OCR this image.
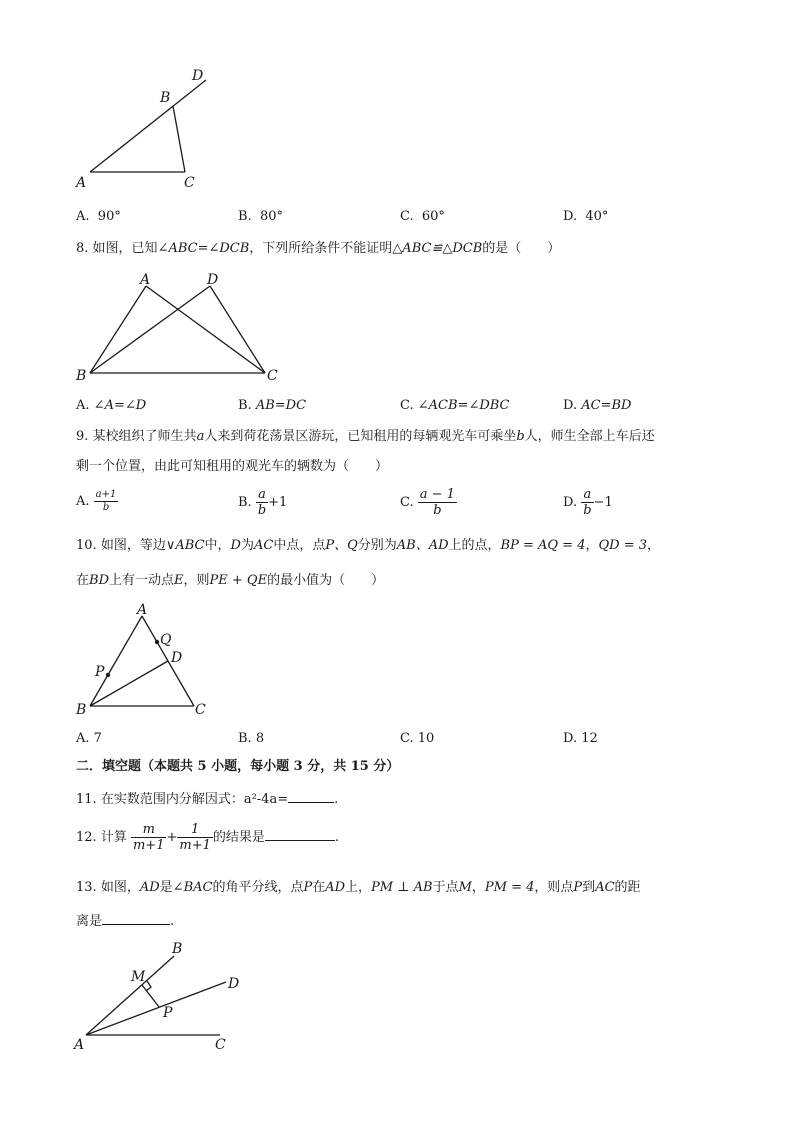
D
B
A	C
A. 90°	B. 80°	C. 60°	D. 40°
8. 如图，已知∠ABC=∠DCB，下列所给条件不能证明△ABC≌△DCB的是（　　）
A	D
B	C
A. ∠A=∠D	B. AB=DC	C. ∠ACB=∠DBC	D. AC=BD
9. 某校组织了师生共a人来到荷花荡景区游玩，已知租用的每辆观光车可乘坐b人，师生全部上车后还
剩一个位置，由此可知租用的观光车的辆数为（　　）
A. $\frac{a+1}{b}$	B. $\frac{a}{b} +1$	C. $\frac{a - 1}{b}$	D. $\frac{a}{b} -1$
10. 如图，等边∨ABC中，D为AC中点，点P、Q分别为AB、AD上的点，BP = AQ = 4，QD = 3，
在BD上有一动点E，则PE + QE的最小值为（　　）
A
Q
D
P
B	C
A. 7	B. 8	C. 10	D. 12
二．填空题（本题共 5 小题，每小题 3 分，共 15 分）
11. 在实数范围内分解因式：a²-4a=	.
12. 计算 $\frac{m}{m+1} + \frac{1}{m+1}$ 的结果是	.
13. 如图，AD是∠BAC的角平分线，点P在AD上，PM ⊥ AB于点M，PM = 4，则点P到AC的距
离是	.
B
M	D
P
A	C
